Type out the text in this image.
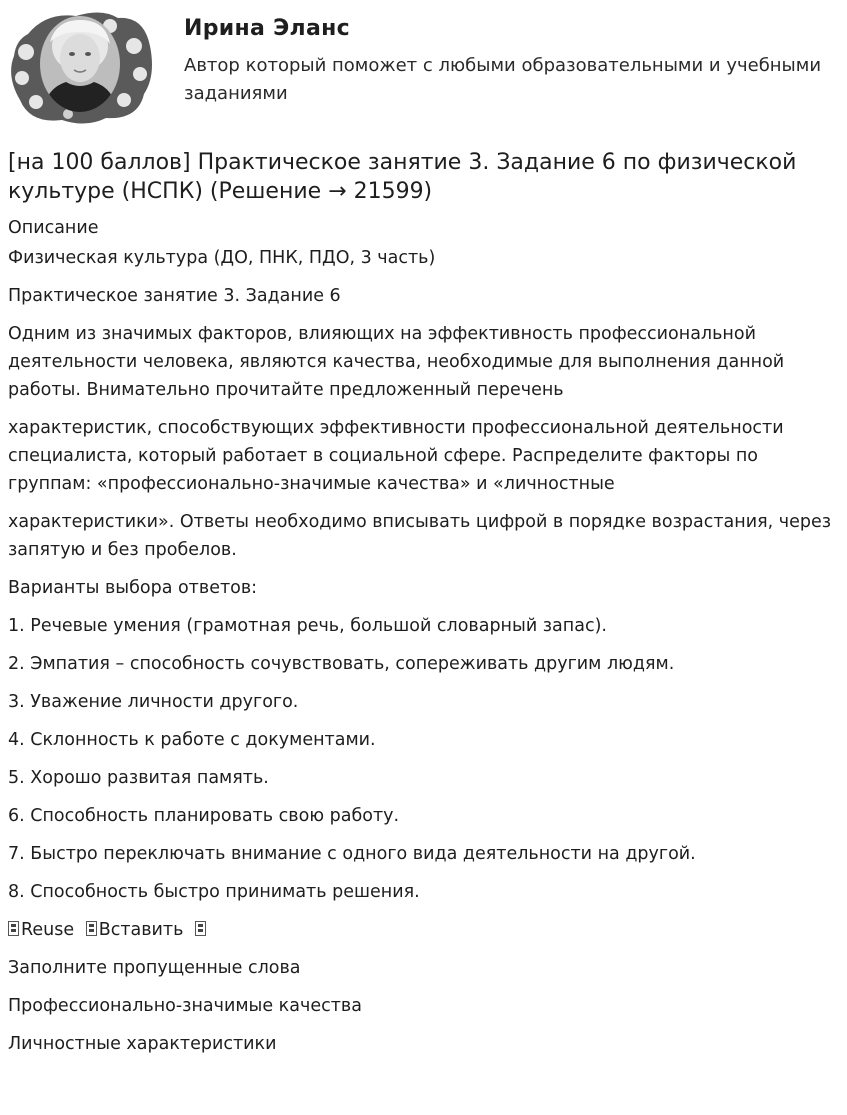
Ирина Эланс
Автор который поможет с любыми образовательными и учебными заданиями
[на 100 баллов] Практическое занятие 3. Задание 6 по физической культуре (НСПК) (Решение → 21599)
Описание
Физическая культура (ДО, ПНК, ПДО, 3 часть)
Практическое занятие 3. Задание 6
Одним из значимых факторов, влияющих на эффективность профессиональной деятельности человека, являются качества, необходимые для выполнения данной работы. Внимательно прочитайте предложенный перечень
характеристик, способствующих эффективности профессиональной деятельности специалиста, который работает в социальной сфере. Распределите факторы по группам: «профессионально-значимые качества» и «личностные
характеристики». Ответы необходимо вписывать цифрой в порядке возрастания, через запятую и без пробелов.
Варианты выбора ответов:
1. Речевые умения (грамотная речь, большой словарный запас).
2. Эмпатия – способность сочувствовать, сопереживать другим людям.
3. Уважение личности другого.
4. Склонность к работе с документами.
5. Хорошо развитая память.
6. Способность планировать свою работу.
7. Быстро переключать внимание с одного вида деятельности на другой.
8. Способность быстро принимать решения.
Reuse Вставить
Заполните пропущенные слова
Профессионально-значимые качества
Личностные характеристики
